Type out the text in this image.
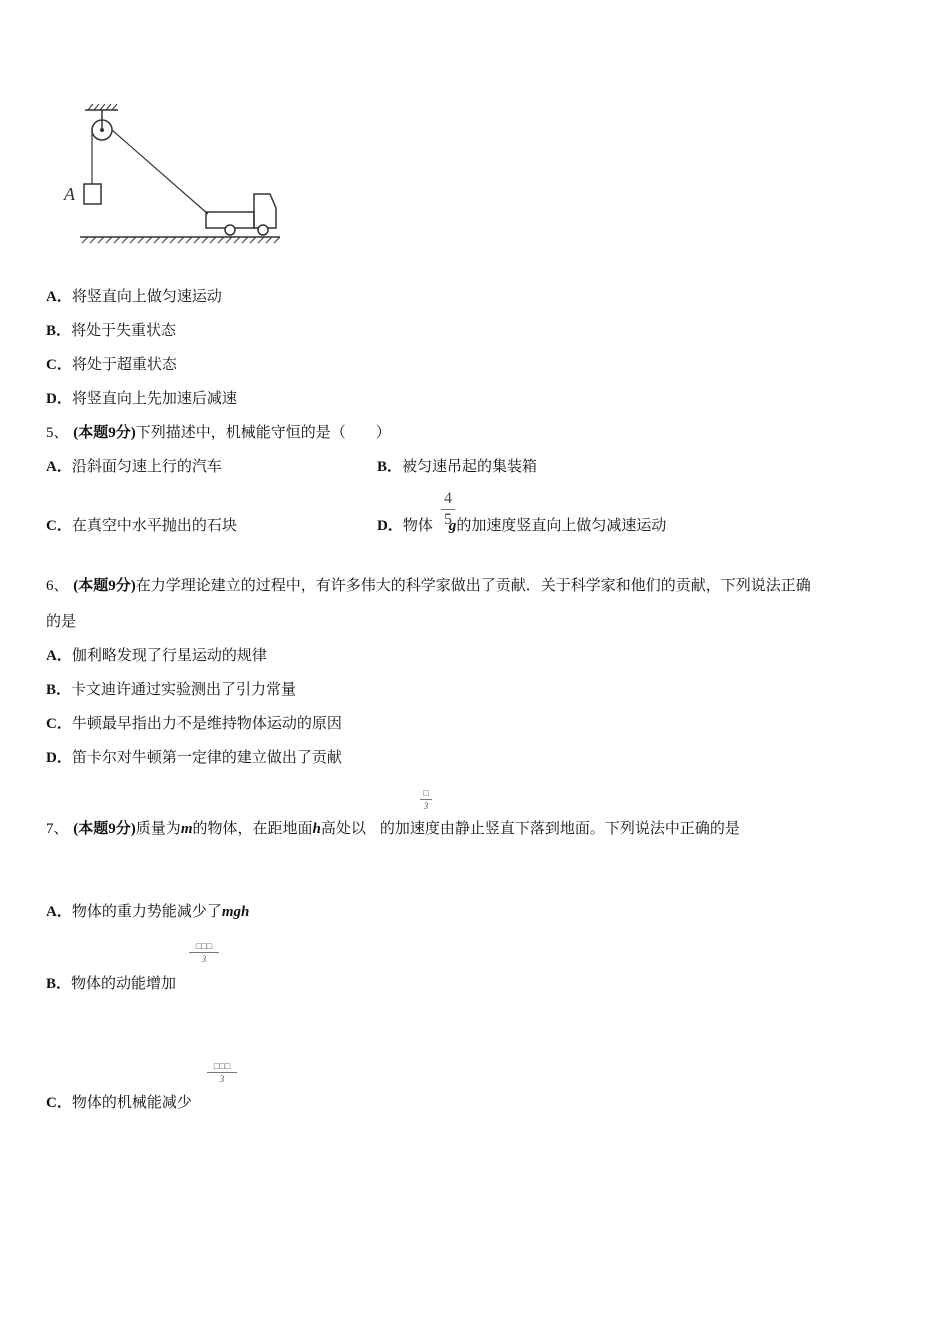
A
A．将竖直向上做匀速运动
B．将处于失重状态
C．将处于超重状态
D．将竖直向上先加速后减速
5、 (本题9分)下列描述中，机械能守恒的是（　　）
A．沿斜面匀速上行的汽车	B．被匀速吊起的集装箱
C．在真空中水平抛出的石块	D．物体 g的加速度竖直向上做匀减速运动
4
5
6、 (本题9分)在力学理论建立的过程中，有许多伟大的科学家做出了贡献．关于科学家和他们的贡献，下列说法正确
的是
A．伽利略发现了行星运动的规律
B．卡文迪许通过实验测出了引力常量
C．牛顿最早指出力不是维持物体运动的原因
D．笛卡尔对牛顿第一定律的建立做出了贡献
7、 (本题9分)质量为m的物体，在距地面h高处以 的加速度由静止竖直下落到地面。下列说法中正确的是
□
3
A．物体的重力势能减少了mgh
B．物体的动能增加
□□□
3
C．物体的机械能减少
□□□
3
